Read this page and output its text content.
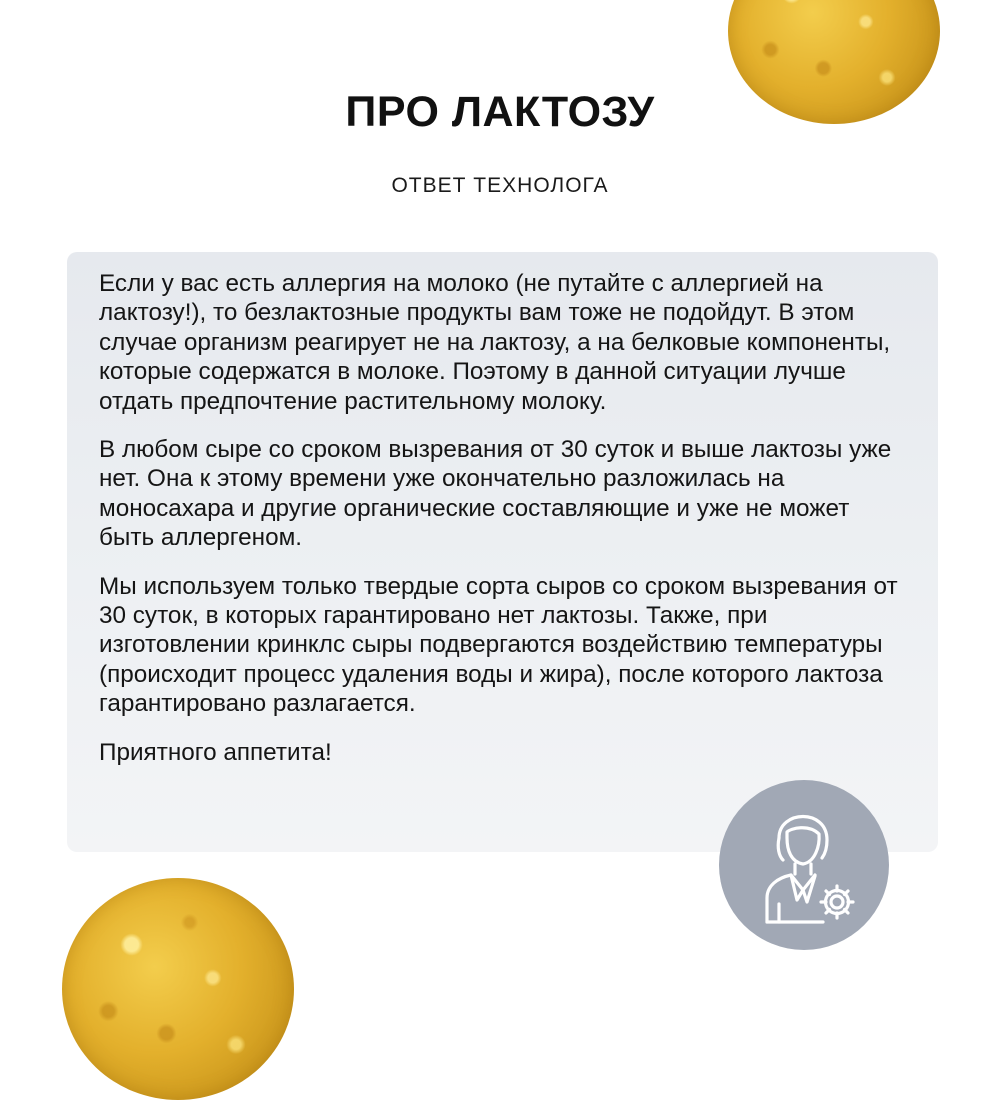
ПРО ЛАКТОЗУ
ОТВЕТ ТЕХНОЛОГА

Если у вас есть аллергия на молоко (не путайте с аллергией на лактозу!), то безлактозные продукты вам тоже не подойдут. В этом случае организм реагирует не на лактозу, а на белковые компоненты, которые содержатся в молоке. Поэтому в данной ситуации лучше отдать предпочтение растительному молоку.

В любом сыре со сроком вызревания от 30 суток и выше лактозы уже нет. Она к этому времени уже окончательно разложилась на моносахара и другие органические составляющие и уже не может быть аллергеном.

Мы используем только твердые сорта сыров со сроком вызревания от 30 суток, в которых гарантировано нет лактозы. Также, при изготовлении кринклс сыры подвергаются воздействию температуры (происходит процесс удаления воды и жира), после которого лактоза гарантировано разлагается.

Приятного аппетита!
